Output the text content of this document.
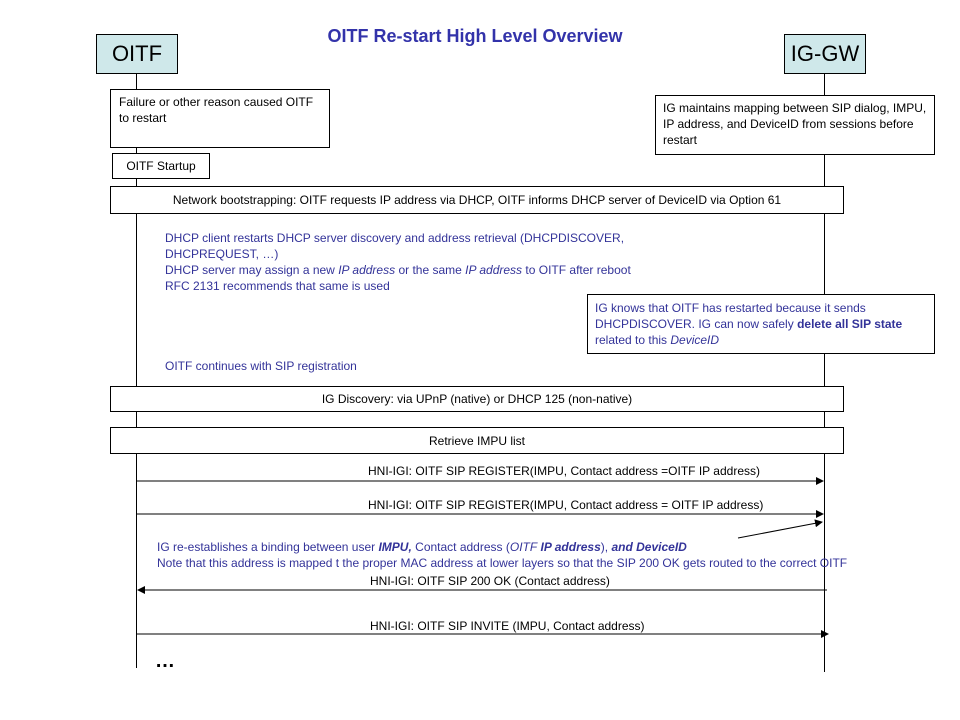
OITF Re-start High Level Overview
OITF	IG-GW
Failure or other reason caused OITF to restart
IG maintains mapping between SIP dialog, IMPU, IP address, and DeviceID from sessions before restart
OITF Startup
Network bootstrapping: OITF requests IP address via DHCP, OITF informs DHCP server of DeviceID via Option 61
DHCP client restarts DHCP server discovery and address retrieval (DHCPDISCOVER,
DHCPREQUEST, …)
DHCP server may assign a new IP address or the same IP address to OITF after reboot
RFC 2131 recommends that same is used
IG knows that OITF has restarted because it sends DHCPDISCOVER. IG can now safely delete all SIP state related to this DeviceID
OITF continues with SIP registration
IG Discovery: via UPnP (native) or DHCP 125 (non-native)
Retrieve IMPU list
HNI-IGI: OITF SIP REGISTER(IMPU, Contact address =OITF IP address)
HNI-IGI: OITF SIP REGISTER(IMPU, Contact address = OITF IP address)
IG re-establishes a binding between user IMPU, Contact address (OITF IP address), and DeviceID
Note that this address is mapped t the proper MAC address at lower layers so that the SIP 200 OK gets routed to the correct OITF
HNI-IGI: OITF SIP 200 OK (Contact address)
HNI-IGI: OITF SIP INVITE (IMPU, Contact address)
…
